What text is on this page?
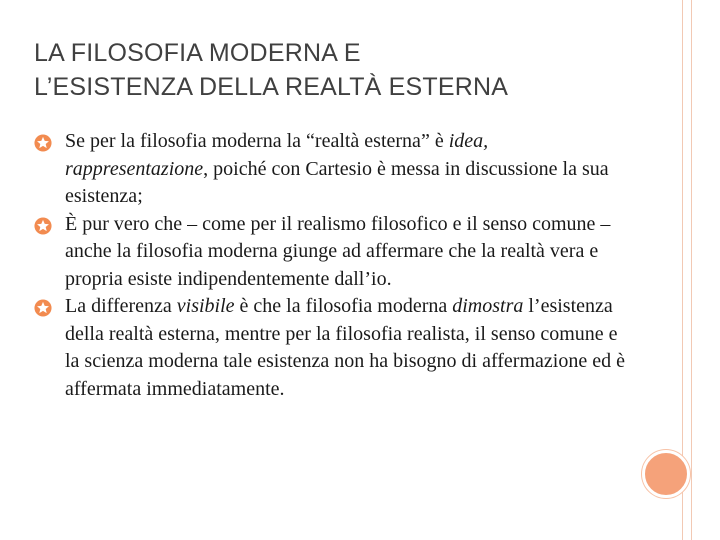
LA FILOSOFIA MODERNA E
L’ESISTENZA DELLA REALTÀ ESTERNA
Se per la filosofia moderna la “realtà esterna” è idea, rappresentazione, poiché con Cartesio è messa in discussione la sua esistenza;
È pur vero che – come per il realismo filosofico e il senso comune – anche la filosofia moderna giunge ad affermare che la realtà vera e propria esiste indipendentemente dall’io.
La differenza visibile è che la filosofia moderna dimostra l’esistenza della realtà esterna, mentre per la filosofia realista, il senso comune e la scienza moderna tale esistenza non ha bisogno di affermazione ed è affermata immediatamente.
